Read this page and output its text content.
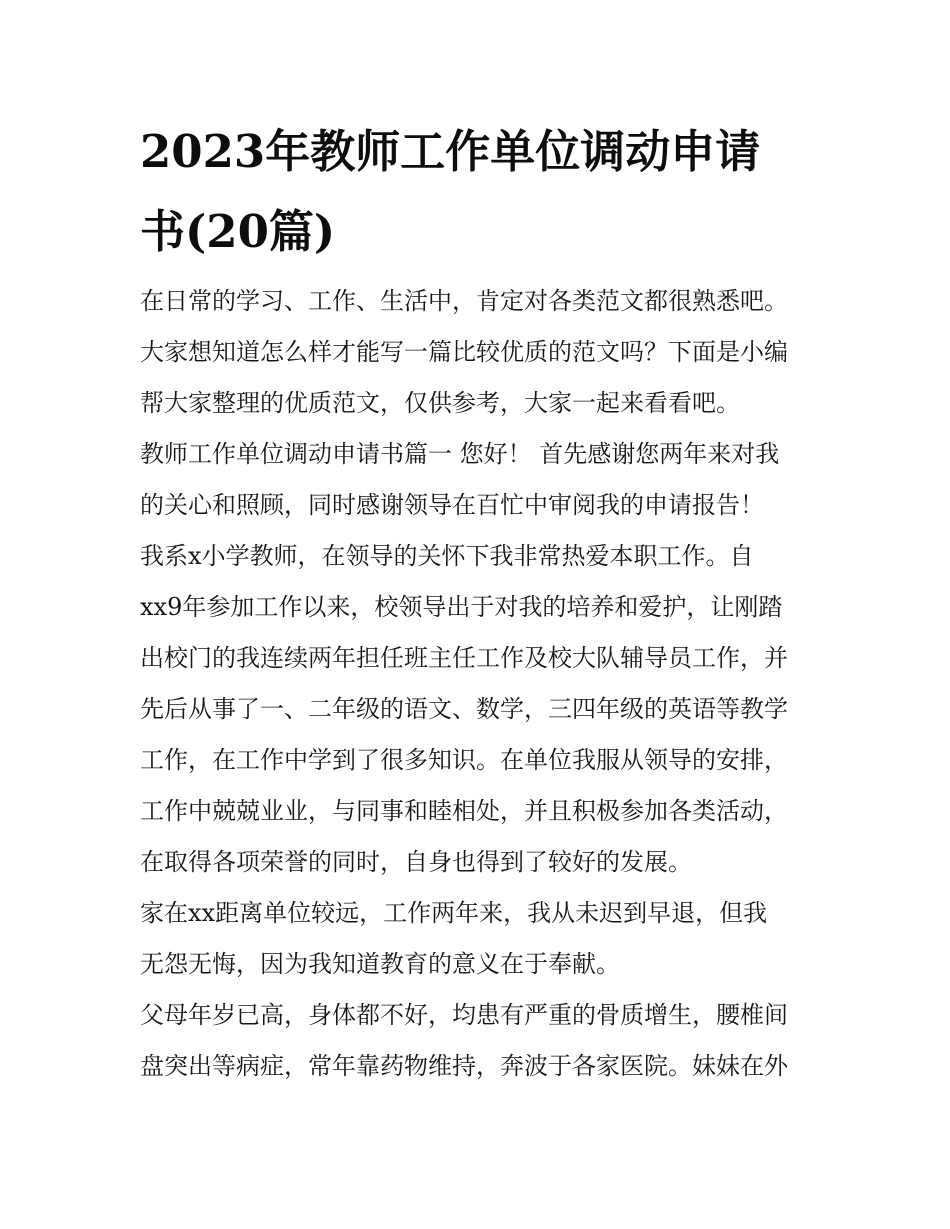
2023年教师工作单位调动申请
书(20篇)
在日常的学习、工作、生活中，肯定对各类范文都很熟悉吧。
大家想知道怎么样才能写一篇比较优质的范文吗？下面是小编
帮大家整理的优质范文，仅供参考，大家一起来看看吧。
教师工作单位调动申请书篇一 您好！ 首先感谢您两年来对我
的关心和照顾，同时感谢领导在百忙中审阅我的申请报告！
我系x小学教师，在领导的关怀下我非常热爱本职工作。自
xx9年参加工作以来，校领导出于对我的培养和爱护，让刚踏
出校门的我连续两年担任班主任工作及校大队辅导员工作，并
先后从事了一、二年级的语文、数学，三四年级的英语等教学
工作，在工作中学到了很多知识。在单位我服从领导的安排，
工作中兢兢业业，与同事和睦相处，并且积极参加各类活动，
在取得各项荣誉的同时，自身也得到了较好的发展。
家在xx距离单位较远，工作两年来，我从未迟到早退，但我
无怨无悔，因为我知道教育的意义在于奉献。
父母年岁已高，身体都不好，均患有严重的骨质增生，腰椎间
盘突出等病症，常年靠药物维持，奔波于各家医院。妹妹在外
